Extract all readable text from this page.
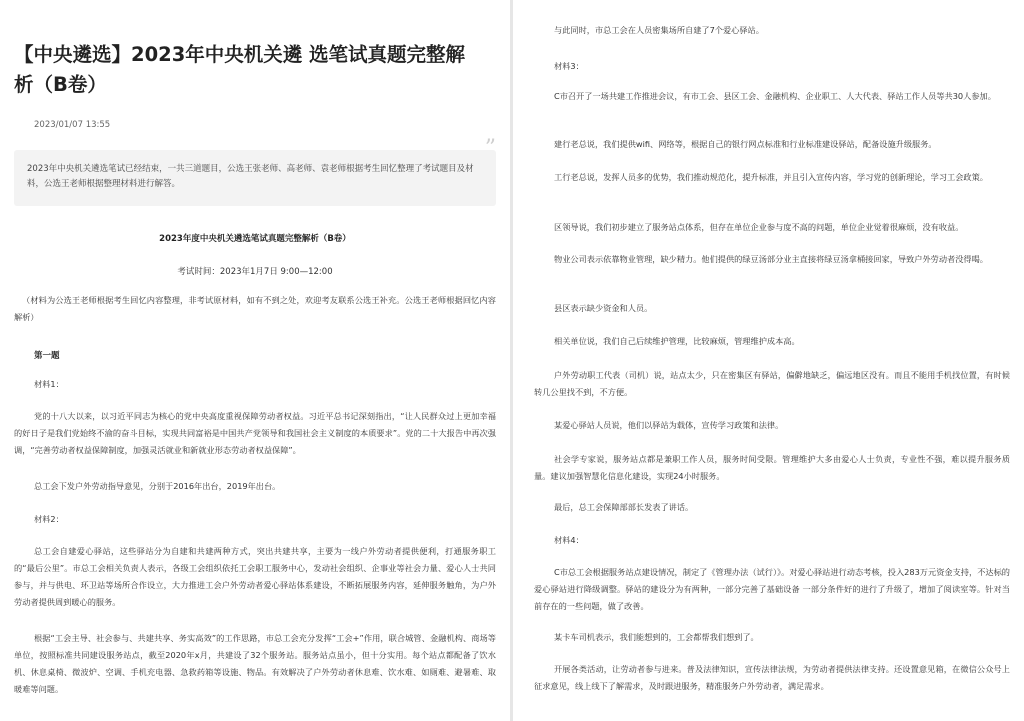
【中央遴选】2023年中央机关遴 选笔试真题完整解析（B卷）
2023/01/07 13:55

2023年中央机关遴选笔试已经结束，一共三道题目，公选王张老师、高老师、袁老师根据考生回忆整理了考试题目及材料，公选王老师根据整理材料进行解答。

”
2023年度中央机关遴选笔试真题完整解析（B卷）
考试时间：2023年1月7日 9:00—12:00

（材料为公选王老师根据考生回忆内容整理，非考试原材料，如有不到之处，欢迎考友联系公选王补充。公选王老师根据回忆内容解析）

第一题

材料1：

党的十八大以来，以习近平同志为核心的党中央高度重视保障劳动者权益。习近平总书记深刻指出，“让人民群众过上更加幸福的好日子是我们党始终不渝的奋斗目标，实现共同富裕是中国共产党领导和我国社会主义制度的本质要求”。党的二十大报告中再次强调，“完善劳动者权益保障制度，加强灵活就业和新就业形态劳动者权益保障”。

总工会下发户外劳动指导意见，分别于2016年出台，2019年出台。

材料2：

总工会自建爱心驿站，这些驿站分为自建和共建两种方式，突出共建共享，主要为一线户外劳动者提供便利，打通服务职工的“最后公里”。市总工会相关负责人表示，各级工会组织依托工会职工服务中心，发动社会组织、企事业等社会力量、爱心人士共同参与，并与供电、环卫站等场所合作设立，大力推进工会户外劳动者爱心驿站体系建设，不断拓展服务内容，延伸服务触角，为户外劳动者提供周到暖心的服务。

根据“工会主导、社会参与、共建共享、务实高效”的工作思路，市总工会充分发挥“工会+”作用，联合城管、金融机构、商场等单位，按照标准共同建设服务站点，截至2020年x月，共建设了32个服务站。服务站点虽小，但十分实用。每个站点都配备了饮水机、休息桌椅、微波炉、空调、手机充电器、急救药箱等设施、物品。有效解决了户外劳动者休息难、饮水难、如厕难、避暑难、取暖难等问题。

与此同时，市总工会在人员密集场所自建了7个爱心驿站。

材料3：

C市召开了一场共建工作推进会议，有市工会、县区工会、金融机构、企业职工、人大代表、驿站工作人员等共30人参加。

建行老总说，我们提供wifi、网络等，根据自己的银行网点标准和行业标准建设驿站，配备设施升级服务。

工行老总说，发挥人员多的优势，我们推动规范化，提升标准，并且引入宣传内容，学习党的创新理论，学习工会政策。

区领导说，我们初步建立了服务站点体系，但存在单位企业参与度不高的问题，单位企业觉着很麻烦，没有收益。

物业公司表示依靠物业管理，缺少精力。他们提供的绿豆汤部分业主直接将绿豆汤拿桶接回家，导致户外劳动者没得喝。

县区表示缺少资金和人员。

相关单位说，我们自己后续维护管理，比较麻烦，管理维护成本高。

户外劳动职工代表（司机）说，站点太少，只在密集区有驿站，偏僻地缺乏，偏远地区没有。而且不能用手机找位置，有时候转几公里找不到，不方便。

某爱心驿站人员说，他们以驿站为载体，宣传学习政策和法律。

社会学专家说，服务站点都是兼职工作人员，服务时间受限。管理维护大多由爱心人士负责，专业性不强，难以提升服务质量。建议加强智慧化信息化建设，实现24小时服务。

最后，总工会保障部部长发表了讲话。

材料4：

C市总工会根据服务站点建设情况，制定了《管理办法（试行）》。对爱心驿站进行动态考核，投入283万元资金支持，不达标的爱心驿站进行降级调整。驿站的建设分为有两种，一部分完善了基础设备 一部分条件好的进行了升级了，增加了阅读室等。针对当前存在的一些问题，做了改善。

某卡车司机表示，我们能想到的，工会都帮我们想到了。

开展各类活动，让劳动者参与进来。普及法律知识，宣传法律法规，为劳动者提供法律支持。还设置意见箱，在微信公众号上征求意见，线上线下了解需求，及时跟进服务，精准服务户外劳动者，满足需求。
